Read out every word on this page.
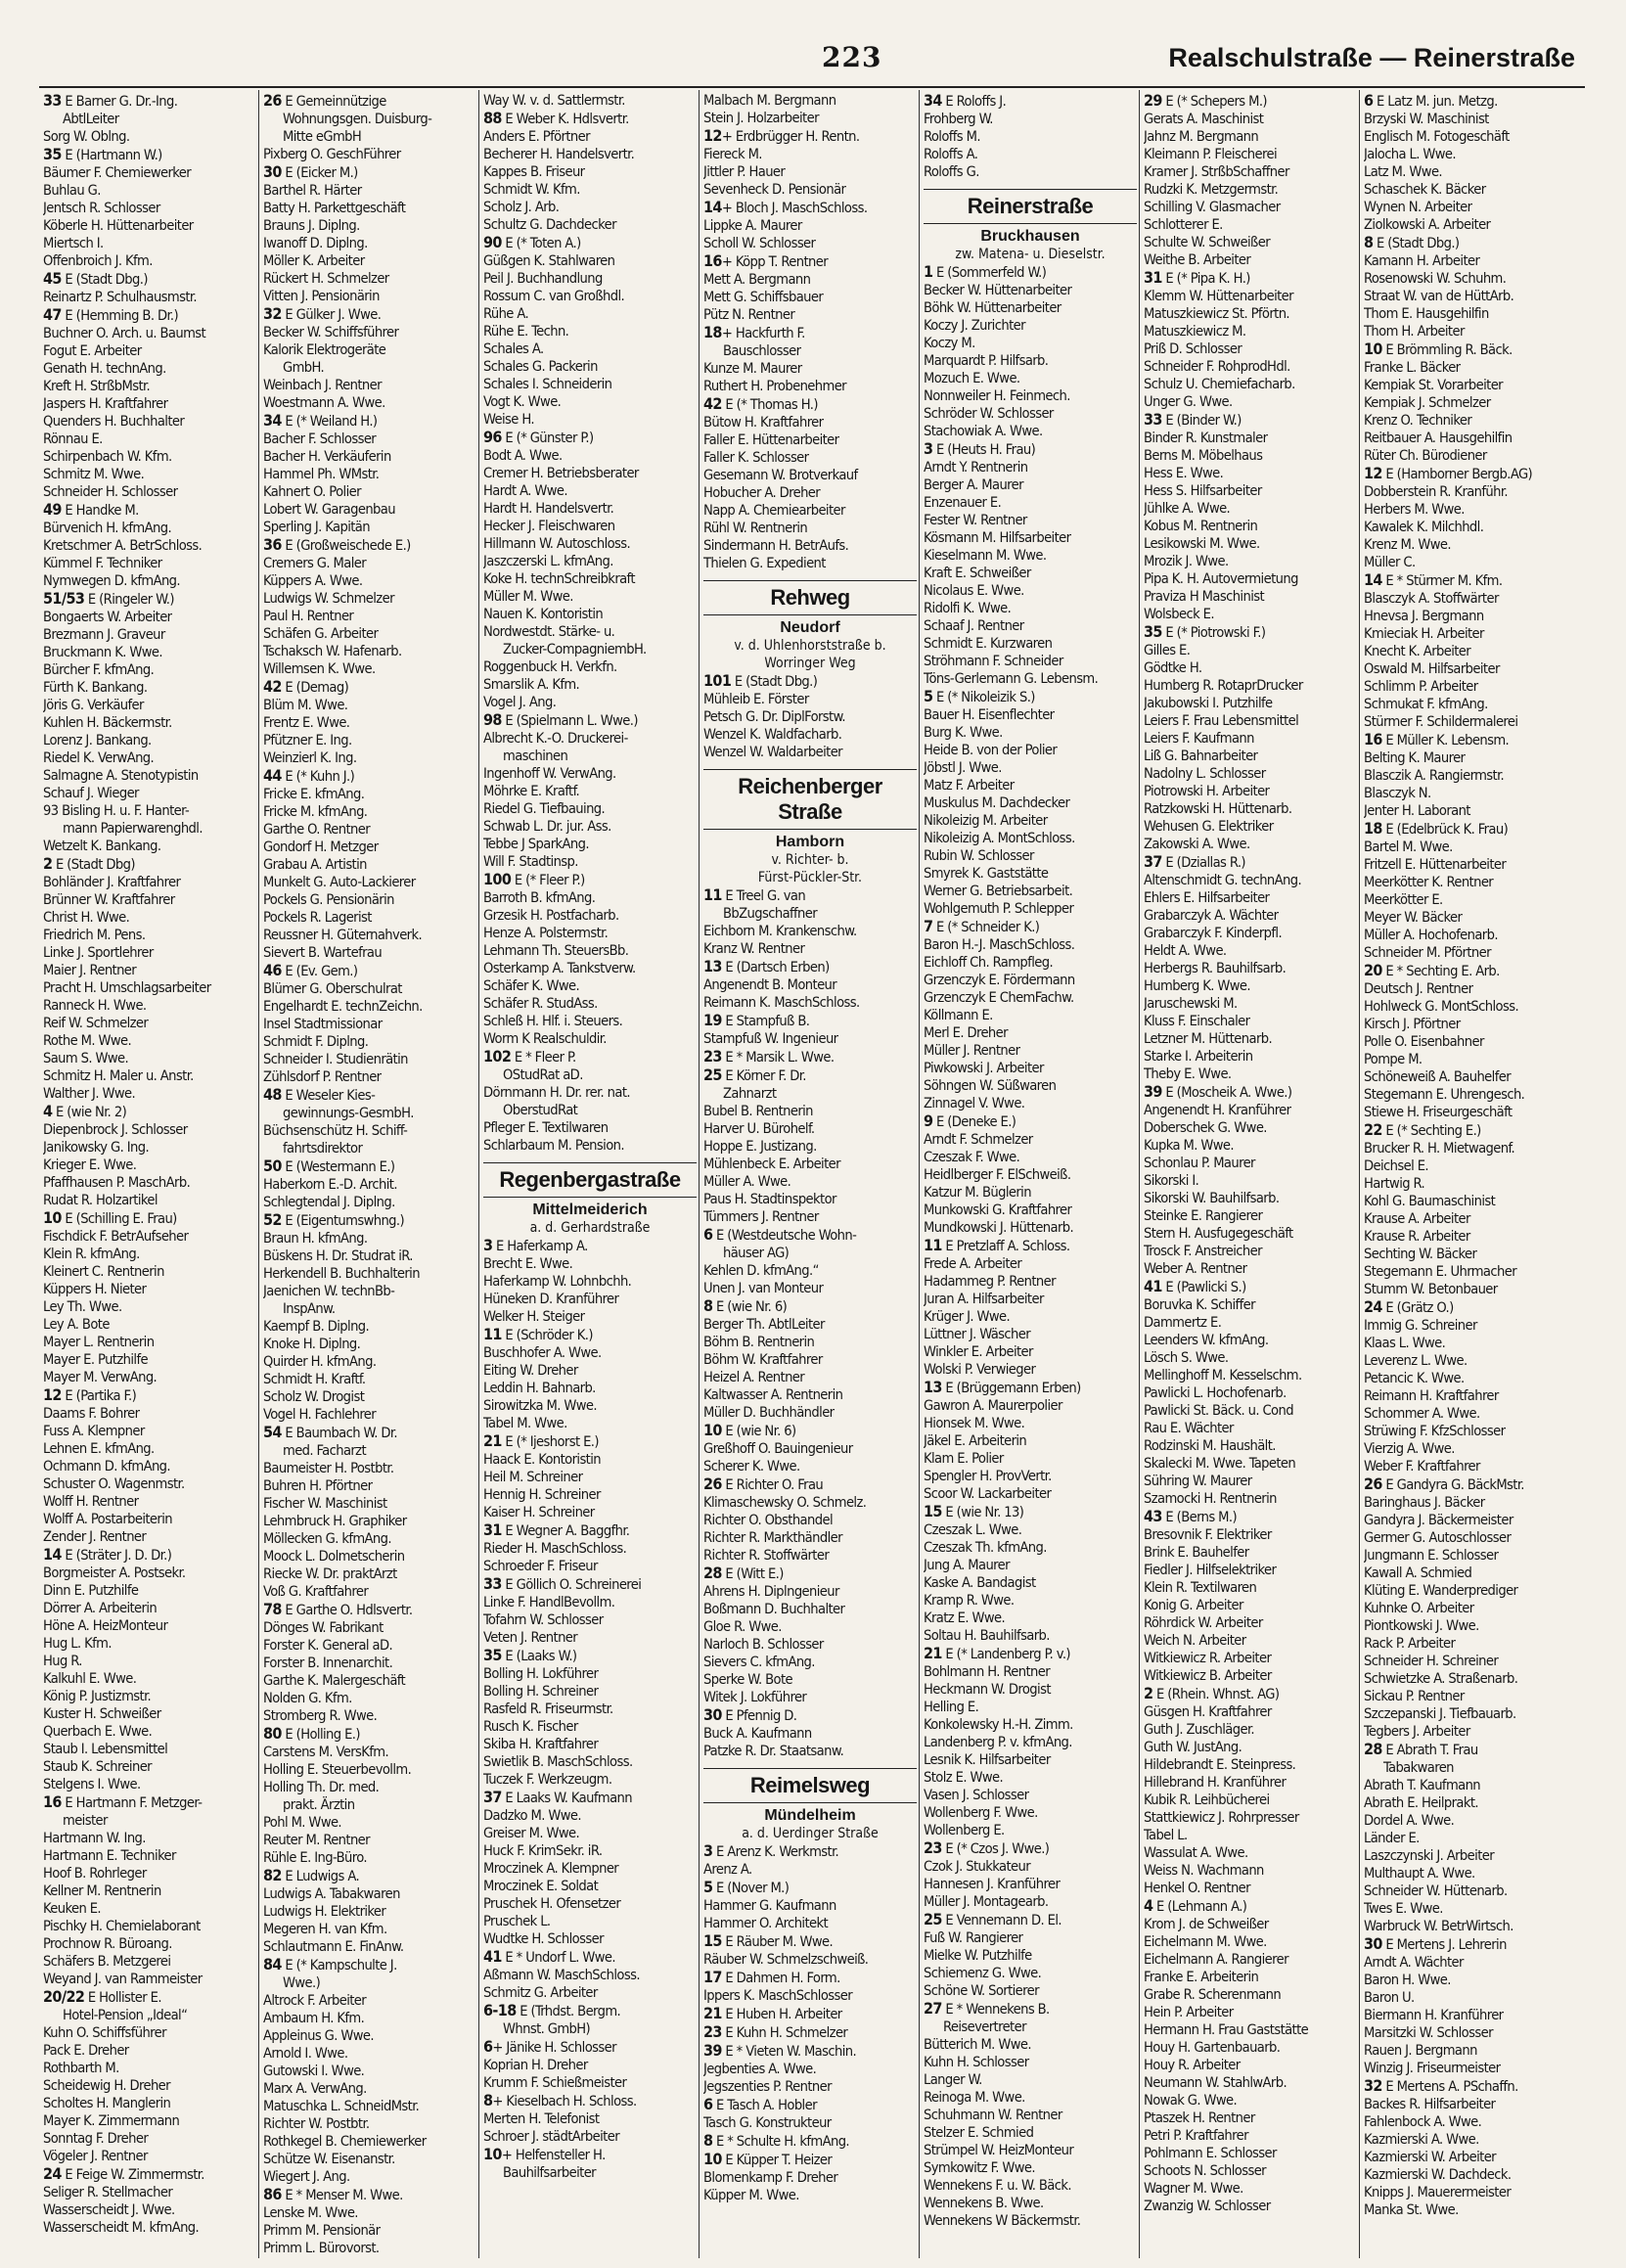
223	Realschulstraße — Reinerstraße
33 E Barner G. Dr.-Ing.
AbtlLeiter
Sorg W. Oblng.
35 E (Hartmann W.)
Bäumer F. Chemiewerker
Buhlau G.
Jentsch R. Schlosser
Köberle H. Hüttenarbeiter
Miertsch I.
Offenbroich J. Kfm.
45 E (Stadt Dbg.)
Reinartz P. Schulhausmstr.
47 E (Hemming B. Dr.)
Buchner O. Arch. u. Baumst
Fogut E. Arbeiter
Genath H. technAng.
Kreft H. StrßbMstr.
Jaspers H. Kraftfahrer
Quenders H. Buchhalter
Rönnau E.
Schirpenbach W. Kfm.
Schmitz M. Wwe.
Schneider H. Schlosser
49 E Handke M.
Bürvenich H. kfmAng.
Kretschmer A. BetrSchloss.
Kümmel F. Techniker
Nymwegen D. kfmAng.
51/53 E (Ringeler W.)
Bongaerts W. Arbeiter
Brezmann J. Graveur
Bruckmann K. Wwe.
Bürcher F. kfmAng.
Fürth K. Bankang.
Jöris G. Verkäufer
Kuhlen H. Bäckermstr.
Lorenz J. Bankang.
Riedel K. VerwAng.
Salmagne A. Stenotypistin
Schauf J. Wieger
93 Bisling H. u. F. Hanter-
mann Papierwarenghdl.
Wetzelt K. Bankang.
2 E (Stadt Dbg)
Bohländer J. Kraftfahrer
Brünner W. Kraftfahrer
Christ H. Wwe.
Friedrich M. Pens.
Linke J. Sportlehrer
Maier J. Rentner
Pracht H. Umschlagsarbeiter
Ranneck H. Wwe.
Reif W. Schmelzer
Rothe M. Wwe.
Saum S. Wwe.
Schmitz H. Maler u. Anstr.
Walther J. Wwe.
4 E (wie Nr. 2)
Diepenbrock J. Schlosser
Janikowsky G. Ing.
Krieger E. Wwe.
Pfaffhausen P. MaschArb.
Rudat R. Holzartikel
10 E (Schilling E. Frau)
Fischdick F. BetrAufseher
Klein R. kfmAng.
Kleinert C. Rentnerin
Küppers H. Nieter
Ley Th. Wwe.
Ley A. Bote
Mayer L. Rentnerin
Mayer E. Putzhilfe
Mayer M. VerwAng.
12 E (Partika F.)
Daams F. Bohrer
Fuss A. Klempner
Lehnen E. kfmAng.
Ochmann D. kfmAng.
Schuster O. Wagenmstr.
Wolff H. Rentner
Wolff A. Postarbeiterin
Zender J. Rentner
14 E (Sträter J. D. Dr.)
Borgmeister A. Postsekr.
Dinn E. Putzhilfe
Dörrer A. Arbeiterin
Höne A. HeizMonteur
Hug L. Kfm.
Hug R.
Kalkuhl E. Wwe.
König P. Justizmstr.
Kuster H. Schweißer
Querbach E. Wwe.
Staub I. Lebensmittel
Staub K. Schreiner
Stelgens I. Wwe.
16 E Hartmann F. Metzger-
meister
Hartmann W. Ing.
Hartmann E. Techniker
Hoof B. Rohrleger
Kellner M. Rentnerin
Keuken E.
Pischky H. Chemielaborant
Prochnow R. Büroang.
Schäfers B. Metzgerei
Weyand J. van Rammeister
20/22 E Hollister E.
Hotel-Pension „Ideal“
Kuhn O. Schiffsführer
Pack E. Dreher
Rothbarth M.
Scheidewig H. Dreher
Scholtes H. Manglerin
Mayer K. Zimmermann
Sonntag F. Dreher
Vögeler J. Rentner
24 E Feige W. Zimmermstr.
Seliger R. Stellmacher
Wasserscheidt J. Wwe.
Wasserscheidt M. kfmAng.
26 E Gemeinnützige
Wohnungsgen. Duisburg-
Mitte eGmbH
Pixberg O. GeschFührer
30 E (Eicker M.)
Barthel R. Härter
Batty H. Parkettgeschäft
Brauns J. Diplng.
Iwanoff D. Diplng.
Möller K. Arbeiter
Rückert H. Schmelzer
Vitten J. Pensionärin
32 E Gülker J. Wwe.
Becker W. Schiffsführer
Kalorik Elektrogeräte
GmbH.
Weinbach J. Rentner
Woestmann A. Wwe.
34 E (* Weiland H.)
Bacher F. Schlosser
Bacher H. Verkäuferin
Hammel Ph. WMstr.
Kahnert O. Polier
Lobert W. Garagenbau
Sperling J. Kapitän
36 E (Großweischede E.)
Cremers G. Maler
Küppers A. Wwe.
Ludwigs W. Schmelzer
Paul H. Rentner
Schäfen G. Arbeiter
Tschaksch W. Hafenarb.
Willemsen K. Wwe.
42 E (Demag)
Blüm M. Wwe.
Frentz E. Wwe.
Pfützner E. Ing.
Weinzierl K. Ing.
44 E (* Kuhn J.)
Fricke E. kfmAng.
Fricke M. kfmAng.
Garthe O. Rentner
Gondorf H. Metzger
Grabau A. Artistin
Munkelt G. Auto-Lackierer
Pockels G. Pensionärin
Pockels R. Lagerist
Reussner H. Güternahverk.
Sievert B. Wartefrau
46 E (Ev. Gem.)
Blümer G. Oberschulrat
Engelhardt E. technZeichn.
Insel Stadtmissionar
Schmidt F. Diplng.
Schneider I. Studienrätin
Zühlsdorf P. Rentner
48 E Weseler Kies-
gewinnungs-GesmbH.
Büchsenschütz H. Schiff-
fahrtsdirektor
50 E (Westermann E.)
Haberkorn E.-D. Archit.
Schlegtendal J. Diplng.
52 E (Eigentumswhng.)
Braun H. kfmAng.
Büskens H. Dr. Studrat iR.
Herkendell B. Buchhalterin
Jaenichen W. technBb-
InspAnw.
Kaempf B. Diplng.
Knoke H. Diplng.
Quirder H. kfmAng.
Schmidt H. Kraftf.
Scholz W. Drogist
Vogel H. Fachlehrer
54 E Baumbach W. Dr.
med. Facharzt
Baumeister H. Postbtr.
Buhren H. Pförtner
Fischer W. Maschinist
Lehmbruck H. Graphiker
Möllecken G. kfmAng.
Moock L. Dolmetscherin
Riecke W. Dr. praktArzt
Voß G. Kraftfahrer
78 E Garthe O. Hdlsvertr.
Dönges W. Fabrikant
Forster K. General aD.
Forster B. Innenarchit.
Garthe K. Malergeschäft
Nolden G. Kfm.
Stromberg R. Wwe.
80 E (Holling E.)
Carstens M. VersKfm.
Holling E. Steuerbevollm.
Holling Th. Dr. med.
prakt. Ärztin
Pohl M. Wwe.
Reuter M. Rentner
Rühle E. Ing-Büro.
82 E Ludwigs A.
Ludwigs A. Tabakwaren
Ludwigs H. Elektriker
Megeren H. van Kfm.
Schlautmann E. FinAnw.
84 E (* Kampschulte J.
Wwe.)
Altrock F. Arbeiter
Ambaum H. Kfm.
Appleinus G. Wwe.
Arnold I. Wwe.
Gutowski I. Wwe.
Marx A. VerwAng.
Matuschka L. SchneidMstr.
Richter W. Postbtr.
Rothkegel B. Chemiewerker
Schütze W. Eisenanstr.
Wiegert J. Ang.
86 E * Menser M. Wwe.
Lenske M. Wwe.
Primm M. Pensionär
Primm L. Bürovorst.
Way W. v. d. Sattlermstr.
88 E Weber K. Hdlsvertr.
Anders E. Pförtner
Becherer H. Handelsvertr.
Kappes B. Friseur
Schmidt W. Kfm.
Scholz J. Arb.
Schultz G. Dachdecker
90 E (* Toten A.)
Güßgen K. Stahlwaren
Peil J. Buchhandlung
Rossum C. van Großhdl.
Rühe A.
Rühe E. Techn.
Schales A.
Schales G. Packerin
Schales I. Schneiderin
Vogt K. Wwe.
Weise H.
96 E (* Günster P.)
Bodt A. Wwe.
Cremer H. Betriebsberater
Hardt A. Wwe.
Hardt H. Handelsvertr.
Hecker J. Fleischwaren
Hillmann W. Autoschloss.
Jaszczerski L. kfmAng.
Koke H. technSchreibkraft
Müller M. Wwe.
Nauen K. Kontoristin
Nordwestdt. Stärke- u.
Zucker-CompagniembH.
Roggenbuck H. Verkfn.
Smarslik A. Kfm.
Vogel J. Ang.
98 E (Spielmann L. Wwe.)
Albrecht K.-O. Druckerei-
maschinen
Ingenhoff W. VerwAng.
Möhrke E. Kraftf.
Riedel G. Tiefbauing.
Schwab L. Dr. jur. Ass.
Tebbe J SparkAng.
Will F. Stadtinsp.
100 E (* Fleer P.)
Barroth B. kfmAng.
Grzesik H. Postfacharb.
Henze A. Polstermstr.
Lehmann Th. SteuersBb.
Osterkamp A. Tankstverw.
Schäfer K. Wwe.
Schäfer R. StudAss.
Schleß H. Hlf. i. Steuers.
Worm K Realschuldir.
102 E * Fleer P.
OStudRat aD.
Dörnmann H. Dr. rer. nat.
OberstudRat
Pfleger E. Textilwaren
Schlarbaum M. Pension.
Regenbergastraße
Mittelmeiderich
a. d. Gerhardstraße
3 E Haferkamp A.
Brecht E. Wwe.
Haferkamp W. Lohnbchh.
Hüneken D. Kranführer
Welker H. Steiger
11 E (Schröder K.)
Buschhofer A. Wwe.
Eiting W. Dreher
Leddin H. Bahnarb.
Sirowitzka M. Wwe.
Tabel M. Wwe.
21 E (* Ijeshorst E.)
Haack E. Kontoristin
Heil M. Schreiner
Hennig H. Schreiner
Kaiser H. Schreiner
31 E Wegner A. Baggfhr.
Rieder H. MaschSchloss.
Schroeder F. Friseur
33 E Göllich O. Schreinerei
Linke F. HandlBevollm.
Tofahrn W. Schlosser
Veten J. Rentner
35 E (Laaks W.)
Bolling H. Lokführer
Bolling H. Schreiner
Rasfeld R. Friseurmstr.
Rusch K. Fischer
Skiba H. Kraftfahrer
Swietlik B. MaschSchloss.
Tuczek F. Werkzeugm.
37 E Laaks W. Kaufmann
Dadzko M. Wwe.
Greiser M. Wwe.
Huck F. KrimSekr. iR.
Mroczinek A. Klempner
Mroczinek E. Soldat
Pruschek H. Ofensetzer
Pruschek L.
Wudtke H. Schlosser
41 E * Undorf L. Wwe.
Aßmann W. MaschSchloss.
Schmitz G. Arbeiter
6-18 E (Trhdst. Bergm.
Whnst. GmbH)
6+ Jänike H. Schlosser
Koprian H. Dreher
Krumm F. Schießmeister
8+ Kieselbach H. Schloss.
Merten H. Telefonist
Schroer J. städtArbeiter
10+ Helfensteller H.
Bauhilfsarbeiter
Malbach M. Bergmann
Stein J. Holzarbeiter
12+ Erdbrügger H. Rentn.
Fiereck M.
Jittler P. Hauer
Sevenheck D. Pensionär
14+ Bloch J. MaschSchloss.
Lippke A. Maurer
Scholl W. Schlosser
16+ Köpp T. Rentner
Mett A. Bergmann
Mett G. Schiffsbauer
Pütz N. Rentner
18+ Hackfurth F.
Bauschlosser
Kunze M. Maurer
Ruthert H. Probenehmer
42 E (* Thomas H.)
Bütow H. Kraftfahrer
Faller E. Hüttenarbeiter
Faller K. Schlosser
Gesemann W. Brotverkauf
Hobucher A. Dreher
Napp A. Chemiearbeiter
Rühl W. Rentnerin
Sindermann H. BetrAufs.
Thielen G. Expedient
Rehweg
Neudorf
v. d. Uhlenhorststraße b.
Worringer Weg
101 E (Stadt Dbg.)
Mühleib E. Förster
Petsch G. Dr. DiplForstw.
Wenzel K. Waldfacharb.
Wenzel W. Waldarbeiter
Reichenberger Straße
Hamborn
v. Richter- b.
Fürst-Pückler-Str.
11 E Treel G. van
BbZugschaffner
Eichborn M. Krankenschw.
Kranz W. Rentner
13 E (Dartsch Erben)
Angenendt B. Monteur
Reimann K. MaschSchloss.
19 E Stampfuß B.
Stampfuß W. Ingenieur
23 E * Marsik L. Wwe.
25 E Körner F. Dr.
Zahnarzt
Bubel B. Rentnerin
Harver U. Bürohelf.
Hoppe E. Justizang.
Mühlenbeck E. Arbeiter
Müller A. Wwe.
Paus H. Stadtinspektor
Tümmers J. Rentner
6 E (Westdeutsche Wohn-
häuser AG)
Kehlen D. kfmAng.“
Unen J. van Monteur
8 E (wie Nr. 6)
Berger Th. AbtlLeiter
Böhm B. Rentnerin
Böhm W. Kraftfahrer
Heizel A. Rentner
Kaltwasser A. Rentnerin
Müller D. Buchhändler
10 E (wie Nr. 6)
Greßhoff O. Bauingenieur
Scherer K. Wwe.
26 E Richter O. Frau
Klimaschewsky O. Schmelz.
Richter O. Obsthandel
Richter R. Markthändler
Richter R. Stoffwärter
28 E (Witt E.)
Ahrens H. Diplngenieur
Boßmann D. Buchhalter
Gloe R. Wwe.
Narloch B. Schlosser
Sievers C. kfmAng.
Sperke W. Bote
Witek J. Lokführer
30 E Pfennig D.
Buck A. Kaufmann
Patzke R. Dr. Staatsanw.
Reimelsweg
Mündelheim
a. d. Uerdinger Straße
3 E Arenz K. Werkmstr.
Arenz A.
5 E (Nover M.)
Hammer G. Kaufmann
Hammer O. Architekt
15 E Räuber M. Wwe.
Räuber W. Schmelzschweiß.
17 E Dahmen H. Form.
Ippers K. MaschSchlosser
21 E Huben H. Arbeiter
23 E Kuhn H. Schmelzer
39 E * Vieten W. Maschin.
Jegbenties A. Wwe.
Jegszenties P. Rentner
6 E Tasch A. Hobler
Tasch G. Konstrukteur
8 E * Schulte H. kfmAng.
10 E Küpper T. Heizer
Blomenkamp F. Dreher
Küpper M. Wwe.
34 E Roloffs J.
Frohberg W.
Roloffs M.
Roloffs A.
Roloffs G.
Reinerstraße
Bruckhausen
zw. Matena- u. Dieselstr.
1 E (Sommerfeld W.)
Becker W. Hüttenarbeiter
Böhk W. Hüttenarbeiter
Koczy J. Zurichter
Koczy M.
Marquardt P. Hilfsarb.
Mozuch E. Wwe.
Nonnweiler H. Feinmech.
Schröder W. Schlosser
Stachowiak A. Wwe.
3 E (Heuts H. Frau)
Arndt Y. Rentnerin
Berger A. Maurer
Enzenauer E.
Fester W. Rentner
Kösmann M. Hilfsarbeiter
Kieselmann M. Wwe.
Kraft E. Schweißer
Nicolaus E. Wwe.
Ridolfi K. Wwe.
Schaaf J. Rentner
Schmidt E. Kurzwaren
Ströhmann F. Schneider
Töns-Gerlemann G. Lebensm.
5 E (* Nikoleizik S.)
Bauer H. Eisenflechter
Burg K. Wwe.
Heide B. von der Polier
Jöbstl J. Wwe.
Matz F. Arbeiter
Muskulus M. Dachdecker
Nikoleizig M. Arbeiter
Nikoleizig A. MontSchloss.
Rubin W. Schlosser
Smyrek K. Gaststätte
Werner G. Betriebsarbeit.
Wohlgemuth P. Schlepper
7 E (* Schneider K.)
Baron H.-J. MaschSchloss.
Eichloff Ch. Rampfleg.
Grzenczyk E. Fördermann
Grzenczyk E ChemFachw.
Köllmann E.
Merl E. Dreher
Müller J. Rentner
Piwkowski J. Arbeiter
Söhngen W. Süßwaren
Zinnagel V. Wwe.
9 E (Deneke E.)
Arndt F. Schmelzer
Czeszak F. Wwe.
Heidlberger F. ElSchweiß.
Katzur M. Büglerin
Munkowski G. Kraftfahrer
Mundkowski J. Hüttenarb.
11 E Pretzlaff A. Schloss.
Frede A. Arbeiter
Hadammeg P. Rentner
Juran A. Hilfsarbeiter
Krüger J. Wwe.
Lüttner J. Wäscher
Winkler E. Arbeiter
Wolski P. Verwieger
13 E (Brüggemann Erben)
Gawron A. Maurerpolier
Hionsek M. Wwe.
Jäkel E. Arbeiterin
Klam E. Polier
Spengler H. ProvVertr.
Scoor W. Lackarbeiter
15 E (wie Nr. 13)
Czeszak L. Wwe.
Czeszak Th. kfmAng.
Jung A. Maurer
Kaske A. Bandagist
Kramp R. Wwe.
Kratz E. Wwe.
Soltau H. Bauhilfsarb.
21 E (* Landenberg P. v.)
Bohlmann H. Rentner
Heckmann W. Drogist
Helling E.
Konkolewsky H.-H. Zimm.
Landenberg P. v. kfmAng.
Lesnik K. Hilfsarbeiter
Stolz E. Wwe.
Vasen J. Schlosser
Wollenberg F. Wwe.
Wollenberg E.
23 E (* Czos J. Wwe.)
Czok J. Stukkateur
Hannesen J. Kranführer
Müller J. Montagearb.
25 E Vennemann D. El.
Fuß W. Rangierer
Mielke W. Putzhilfe
Schiemenz G. Wwe.
Schöne W. Sortierer
27 E * Wennekens B.
Reisevertreter
Bütterich M. Wwe.
Kuhn H. Schlosser
Langer W.
Reinoga M. Wwe.
Schuhmann W. Rentner
Stelzer E. Schmied
Strümpel W. HeizMonteur
Symkowitz F. Wwe.
Wennekens F. u. W. Bäck.
Wennekens B. Wwe.
Wennekens W Bäckermstr.
29 E (* Schepers M.)
Gerats A. Maschinist
Jahnz M. Bergmann
Kleimann P. Fleischerei
Kramer J. StrßbSchaffner
Rudzki K. Metzgermstr.
Schilling V. Glasmacher
Schlotterer E.
Schulte W. Schweißer
Weithe B. Arbeiter
31 E (* Pipa K. H.)
Klemm W. Hüttenarbeiter
Matuszkiewicz St. Pförtn.
Matuszkiewicz M.
Priß D. Schlosser
Schneider F. RohprodHdl.
Schulz U. Chemiefacharb.
Unger G. Wwe.
33 E (Binder W.)
Binder R. Kunstmaler
Berns M. Möbelhaus
Hess E. Wwe.
Hess S. Hilfsarbeiter
Jühlke A. Wwe.
Kobus M. Rentnerin
Lesikowski M. Wwe.
Mrozik J. Wwe.
Pipa K. H. Autovermietung
Praviza H Maschinist
Wolsbeck E.
35 E (* Piotrowski F.)
Gilles E.
Gödtke H.
Humberg R. RotaprDrucker
Jakubowski I. Putzhilfe
Leiers F. Frau Lebensmittel
Leiers F. Kaufmann
Liß G. Bahnarbeiter
Nadolny L. Schlosser
Piotrowski H. Arbeiter
Ratzkowski H. Hüttenarb.
Wehusen G. Elektriker
Zakowski A. Wwe.
37 E (Dziallas R.)
Altenschmidt G. technAng.
Ehlers E. Hilfsarbeiter
Grabarczyk A. Wächter
Grabarczyk F. Kinderpfl.
Heldt A. Wwe.
Herbergs R. Bauhilfsarb.
Humberg K. Wwe.
Jaruschewski M.
Kluss F. Einschaler
Letzner M. Hüttenarb.
Starke I. Arbeiterin
Theby E. Wwe.
39 E (Moscheik A. Wwe.)
Angenendt H. Kranführer
Doberschek G. Wwe.
Kupka M. Wwe.
Schonlau P. Maurer
Sikorski I.
Sikorski W. Bauhilfsarb.
Steinke E. Rangierer
Stern H. Ausfugegeschäft
Trosck F. Anstreicher
Weber A. Rentner
41 E (Pawlicki S.)
Boruvka K. Schiffer
Dammertz E.
Leenders W. kfmAng.
Lösch S. Wwe.
Mellinghoff M. Kesselschm.
Pawlicki L. Hochofenarb.
Pawlicki St. Bäck. u. Cond
Rau E. Wächter
Rodzinski M. Haushält.
Skalecki M. Wwe. Tapeten
Sühring W. Maurer
Szamocki H. Rentnerin
43 E (Berns M.)
Bresovnik F. Elektriker
Brink E. Bauhelfer
Fiedler J. Hilfselektriker
Klein R. Textilwaren
Konig G. Arbeiter
Röhrdick W. Arbeiter
Weich N. Arbeiter
Witkiewicz R. Arbeiter
Witkiewicz B. Arbeiter
2 E (Rhein. Whnst. AG)
Güsgen H. Kraftfahrer
Guth J. Zuschläger.
Guth W. JustAng.
Hildebrandt E. Steinpress.
Hillebrand H. Kranführer
Kubik R. Leihbücherei
Stattkiewicz J. Rohrpresser
Tabel L.
Wassulat A. Wwe.
Weiss N. Wachmann
Henkel O. Rentner
4 E (Lehmann A.)
Krom J. de Schweißer
Eichelmann M. Wwe.
Eichelmann A. Rangierer
Franke E. Arbeiterin
Grabe R. Scherenmann
Hein P. Arbeiter
Hermann H. Frau Gaststätte
Houy H. Gartenbauarb.
Houy R. Arbeiter
Neumann W. StahlwArb.
Nowak G. Wwe.
Ptaszek H. Rentner
Petri P. Kraftfahrer
Pohlmann E. Schlosser
Schoots N. Schlosser
Wagner M. Wwe.
Zwanzig W. Schlosser
6 E Latz M. jun. Metzg.
Brzyski W. Maschinist
Englisch M. Fotogeschäft
Jalocha L. Wwe.
Latz M. Wwe.
Schaschek K. Bäcker
Wynen N. Arbeiter
Ziolkowski A. Arbeiter
8 E (Stadt Dbg.)
Kamann H. Arbeiter
Rosenowski W. Schuhm.
Straat W. van de HüttArb.
Thom E. Hausgehilfin
Thom H. Arbeiter
10 E Brömmling R. Bäck.
Franke L. Bäcker
Kempiak St. Vorarbeiter
Kempiak J. Schmelzer
Krenz O. Techniker
Reitbauer A. Hausgehilfin
Rüter Ch. Bürodiener
12 E (Hamborner Bergb.AG)
Dobberstein R. Kranführ.
Herbers M. Wwe.
Kawalek K. Milchhdl.
Krenz M. Wwe.
Müller C.
14 E * Stürmer M. Kfm.
Blasczyk A. Stoffwärter
Hnevsa J. Bergmann
Kmieciak H. Arbeiter
Knecht K. Arbeiter
Oswald M. Hilfsarbeiter
Schlimm P. Arbeiter
Schmukat F. kfmAng.
Stürmer F. Schildermalerei
16 E Müller K. Lebensm.
Belting K. Maurer
Blasczik A. Rangiermstr.
Blasczyk N.
Jenter H. Laborant
18 E (Edelbrück K. Frau)
Bartel M. Wwe.
Fritzell E. Hüttenarbeiter
Meerkötter K. Rentner
Meerkötter E.
Meyer W. Bäcker
Müller A. Hochofenarb.
Schneider M. Pförtner
20 E * Sechting E. Arb.
Deutsch J. Rentner
Hohlweck G. MontSchloss.
Kirsch J. Pförtner
Polle O. Eisenbahner
Pompe M.
Schöneweiß A. Bauhelfer
Stegemann E. Uhrengesch.
Stiewe H. Friseurgeschäft
22 E (* Sechting E.)
Brucker R. H. Mietwagenf.
Deichsel E.
Hartwig R.
Kohl G. Baumaschinist
Krause A. Arbeiter
Krause R. Arbeiter
Sechting W. Bäcker
Stegemann E. Uhrmacher
Stumm W. Betonbauer
24 E (Grätz O.)
Immig G. Schreiner
Klaas L. Wwe.
Leverenz L. Wwe.
Petancic K. Wwe.
Reimann H. Kraftfahrer
Schommer A. Wwe.
Strüwing F. KfzSchlosser
Vierzig A. Wwe.
Weber F. Kraftfahrer
26 E Gandyra G. BäckMstr.
Baringhaus J. Bäcker
Gandyra J. Bäckermeister
Germer G. Autoschlosser
Jungmann E. Schlosser
Kawall A. Schmied
Klüting E. Wanderprediger
Kuhnke O. Arbeiter
Piontkowski J. Wwe.
Rack P. Arbeiter
Schneider H. Schreiner
Schwietzke A. Straßenarb.
Sickau P. Rentner
Szczepanski J. Tiefbauarb.
Tegbers J. Arbeiter
28 E Abrath T. Frau
Tabakwaren
Abrath T. Kaufmann
Abrath E. Heilprakt.
Dordel A. Wwe.
Länder E.
Laszczynski J. Arbeiter
Multhaupt A. Wwe.
Schneider W. Hüttenarb.
Twes E. Wwe.
Warbruck W. BetrWirtsch.
30 E Mertens J. Lehrerin
Arndt A. Wächter
Baron H. Wwe.
Baron U.
Biermann H. Kranführer
Marsitzki W. Schlosser
Rauen J. Bergmann
Winzig J. Friseurmeister
32 E Mertens A. PSchaffn.
Backes R. Hilfsarbeiter
Fahlenbock A. Wwe.
Kazmierski A. Wwe.
Kazmierski W. Arbeiter
Kazmierski W. Dachdeck.
Knipps J. Mauerermeister
Manka St. Wwe.
